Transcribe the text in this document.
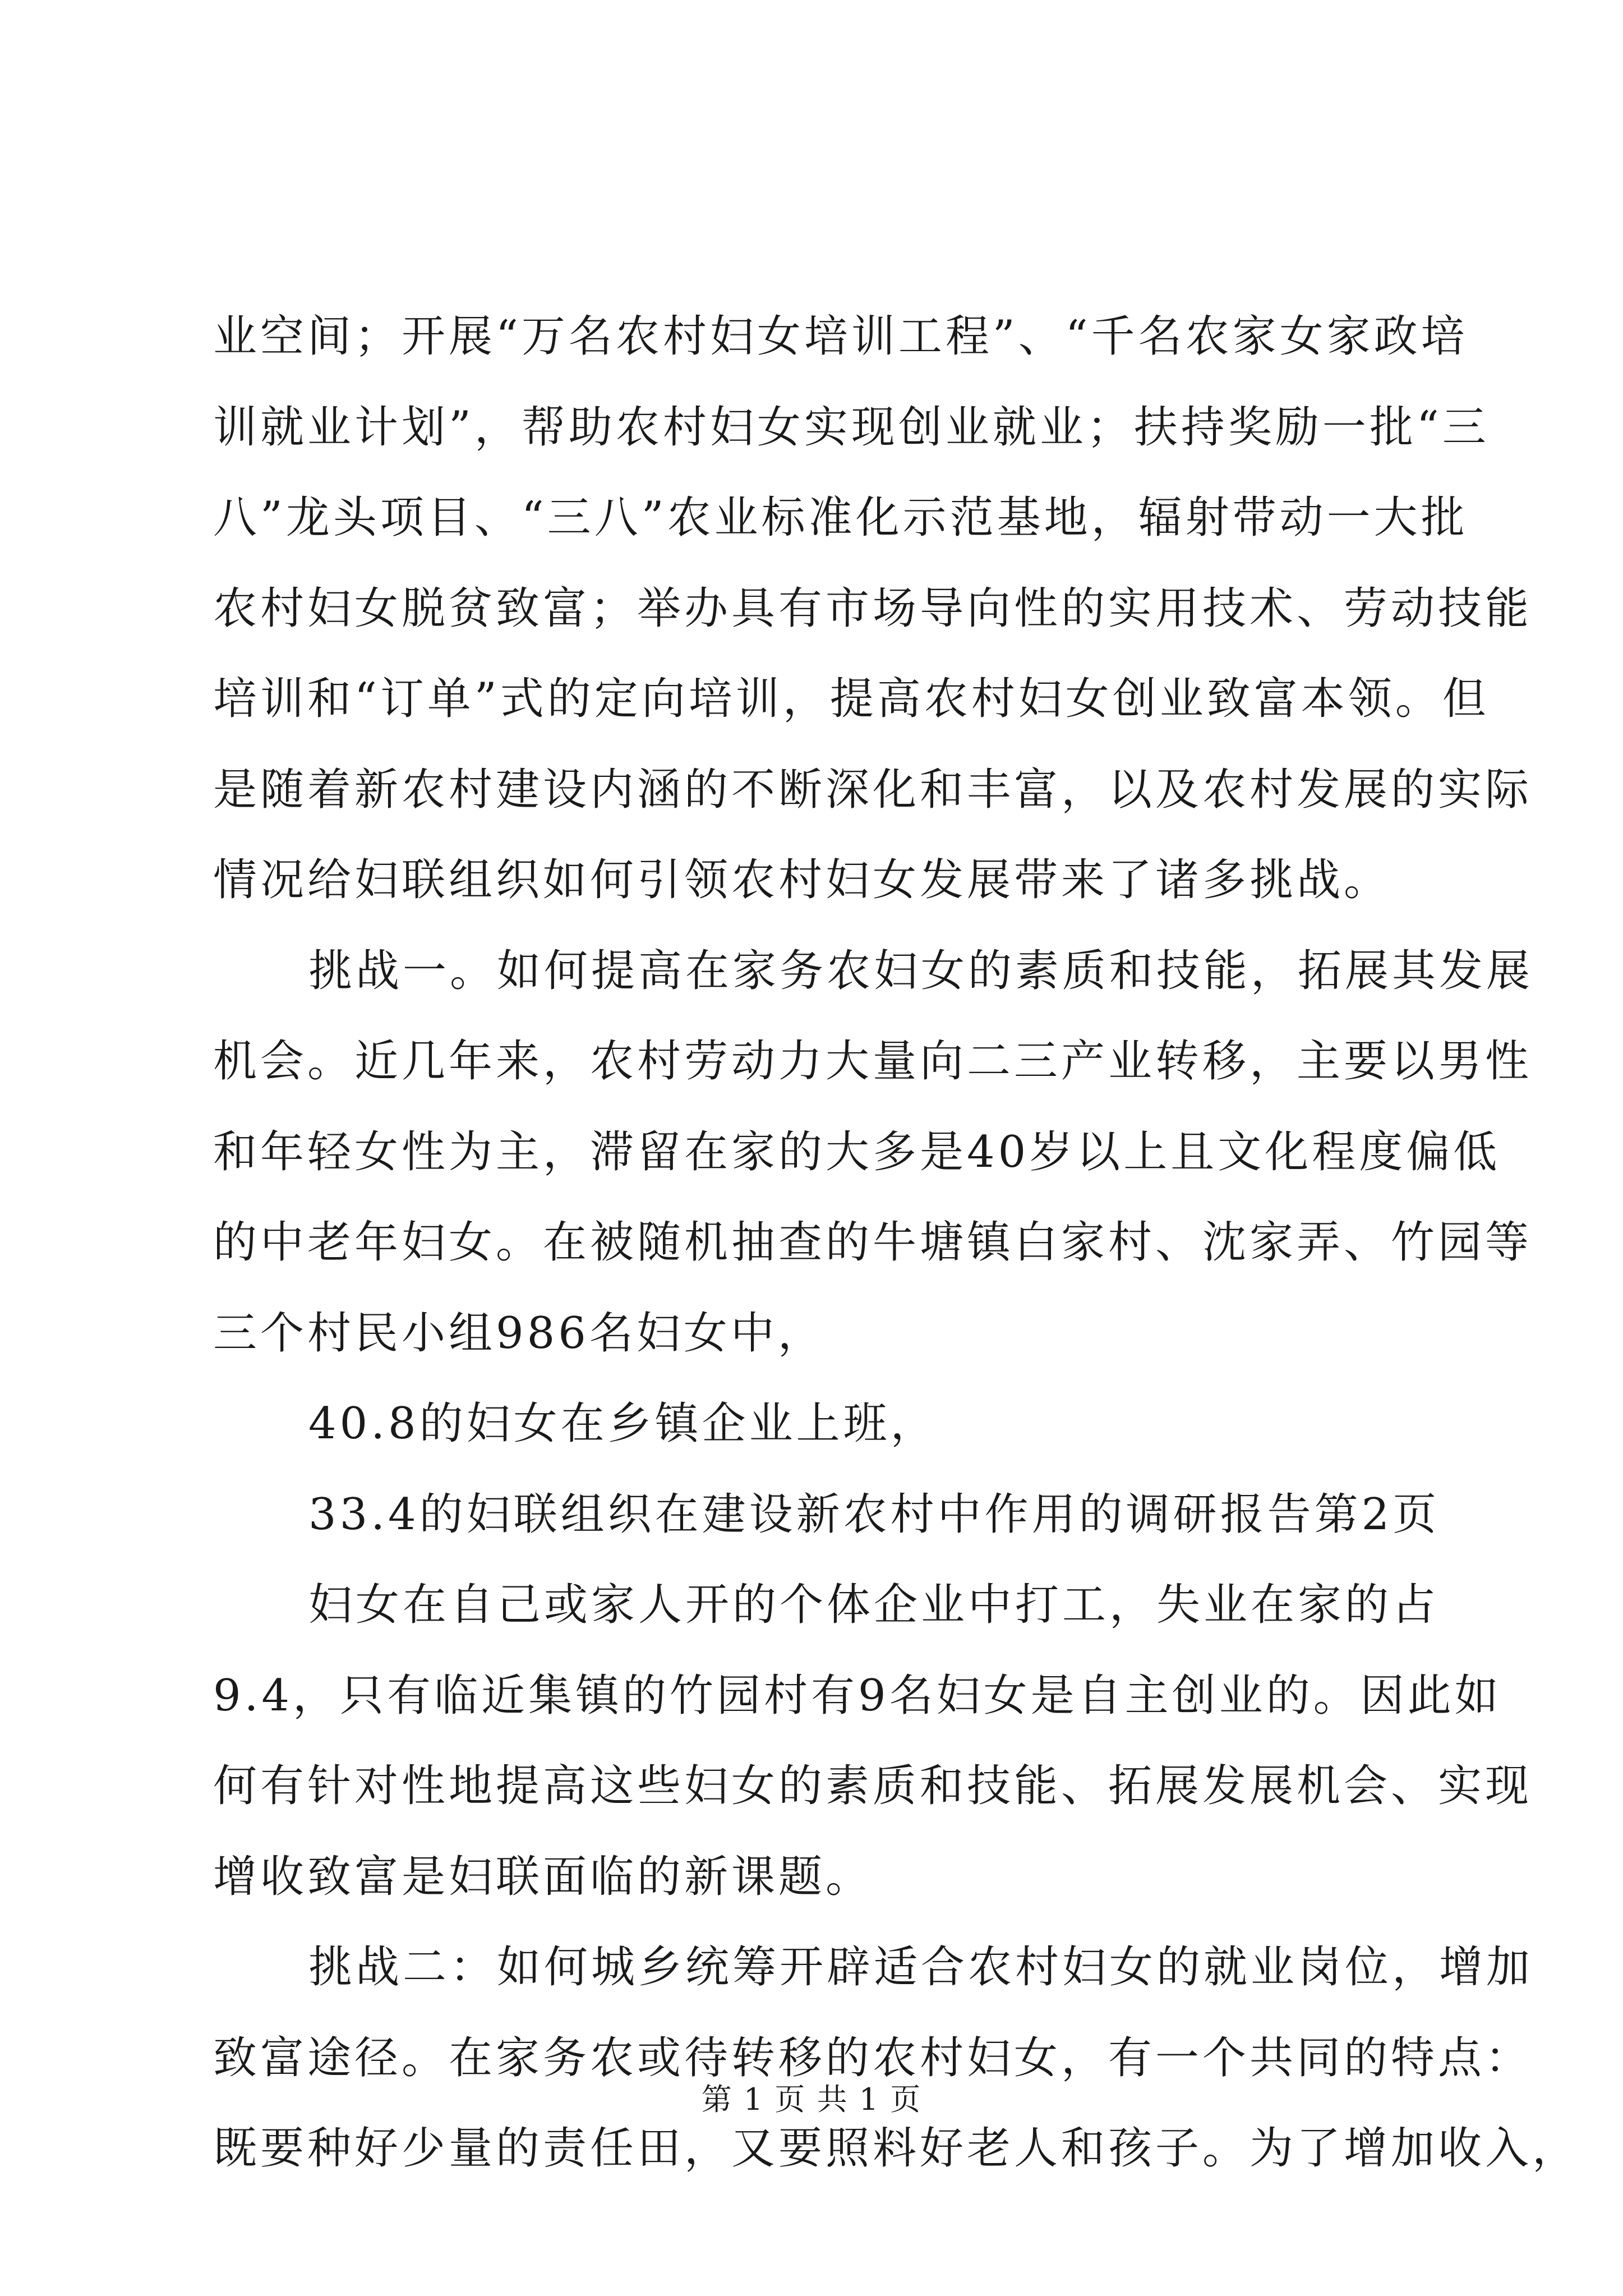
业空间；开展“万名农村妇女培训工程”、“千名农家女家政培
训就业计划”，帮助农村妇女实现创业就业；扶持奖励一批“三
八”龙头项目、“三八”农业标准化示范基地，辐射带动一大批
农村妇女脱贫致富；举办具有市场导向性的实用技术、劳动技能
培训和“订单”式的定向培训，提高农村妇女创业致富本领。但
是随着新农村建设内涵的不断深化和丰富，以及农村发展的实际
情况给妇联组织如何引领农村妇女发展带来了诸多挑战。
挑战一。如何提高在家务农妇女的素质和技能，拓展其发展
机会。近几年来，农村劳动力大量向二三产业转移，主要以男性
和年轻女性为主，滞留在家的大多是40岁以上且文化程度偏低
的中老年妇女。在被随机抽查的牛塘镇白家村、沈家弄、竹园等
三个村民小组986名妇女中，
40.8的妇女在乡镇企业上班，
33.4的妇联组织在建设新农村中作用的调研报告第2页
妇女在自己或家人开的个体企业中打工，失业在家的占
9.4，只有临近集镇的竹园村有9名妇女是自主创业的。因此如
何有针对性地提高这些妇女的素质和技能、拓展发展机会、实现
增收致富是妇联面临的新课题。
挑战二：如何城乡统筹开辟适合农村妇女的就业岗位，增加
致富途径。在家务农或待转移的农村妇女，有一个共同的特点：
既要种好少量的责任田，又要照料好老人和孩子。为了增加收入，
第 1 页 共 1 页
